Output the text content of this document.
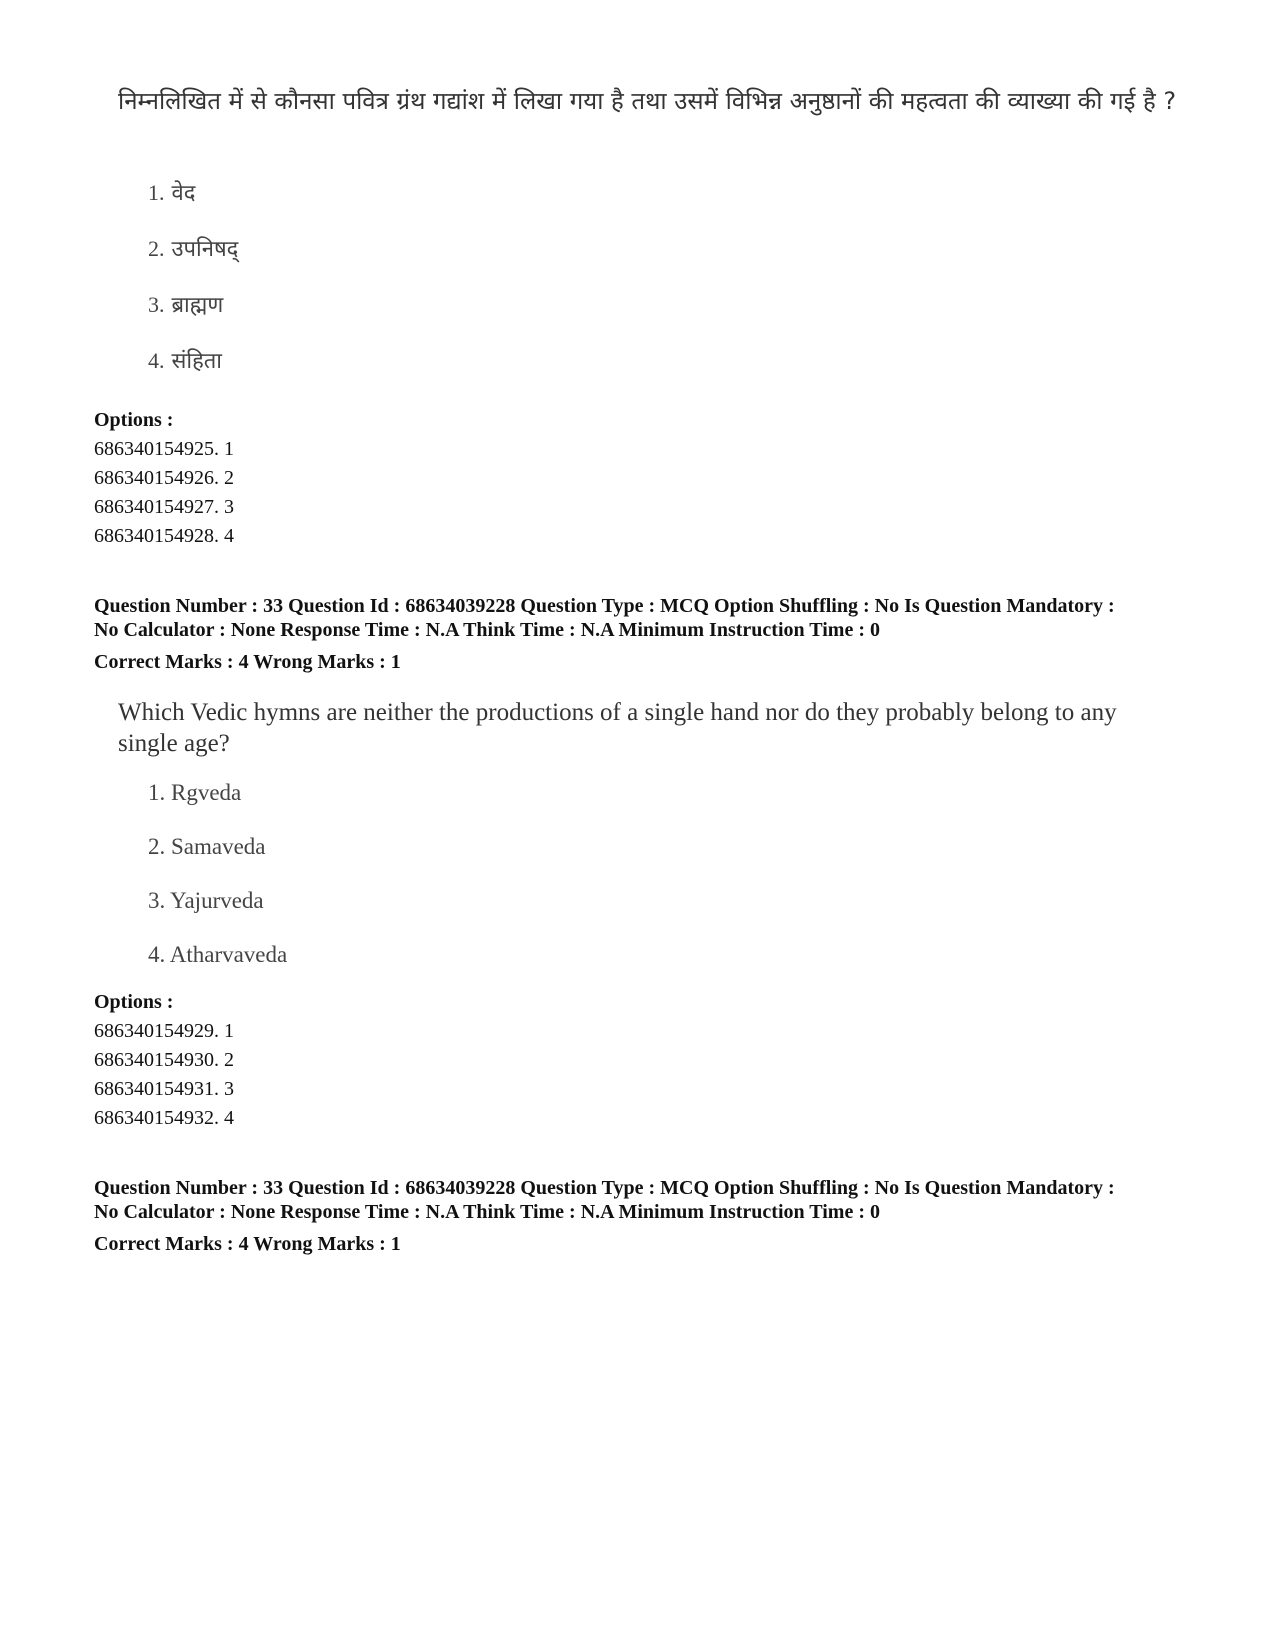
निम्नलिखित में से कौनसा पवित्र ग्रंथ गद्यांश में लिखा गया है तथा उसमें विभिन्न अनुष्ठानों की महत्वता की व्याख्या की गई है ?
1. वेद
2. उपनिषद्
3. ब्राह्मण
4. संहिता
Options :
686340154925. 1
686340154926. 2
686340154927. 3
686340154928. 4
Question Number : 33 Question Id : 68634039228 Question Type : MCQ Option Shuffling : No Is Question Mandatory :
No Calculator : None Response Time : N.A Think Time : N.A Minimum Instruction Time : 0
Correct Marks : 4 Wrong Marks : 1
Which Vedic hymns are neither the productions of a single hand nor do they probably belong to any single age?
1. Rgveda
2. Samaveda
3. Yajurveda
4. Atharvaveda
Options :
686340154929. 1
686340154930. 2
686340154931. 3
686340154932. 4
Question Number : 33 Question Id : 68634039228 Question Type : MCQ Option Shuffling : No Is Question Mandatory :
No Calculator : None Response Time : N.A Think Time : N.A Minimum Instruction Time : 0
Correct Marks : 4 Wrong Marks : 1
